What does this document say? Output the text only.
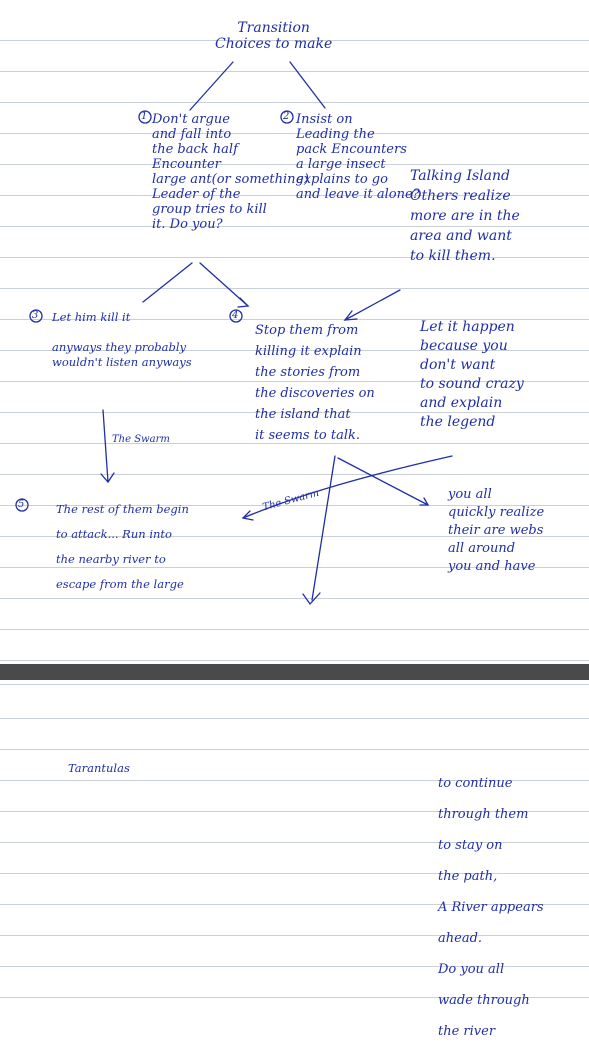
Transition
Choices to make

Don't argue
and fall into
the back half
Encounter
large ant(or something)
Leader of the
group tries to kill
it. Do you?

1	Insist on
Leading the
pack Encounters
a large insect
explains to go
and leave it alone?

2

Talking Island
Others realize
more are in the
area and want
to kill them.

Let it happen
because you
don't want
to sound crazy
and explain
the legend

3 Let him kill it

anyways they probably
wouldn't listen anyways

4

Stop them from
killing it explain
the stories from
the discoveries on
the island that
it seems to talk.

The Swarm

The Swarm

5	The rest of them begin
to attack... Run into
the nearby river to
escape from the large

you all
quickly realize
their are webs
all around
you and have

Tarantulas

to continue
through them
to stay on
the path,
A River appears
ahead.
Do you all
wade through
the river
